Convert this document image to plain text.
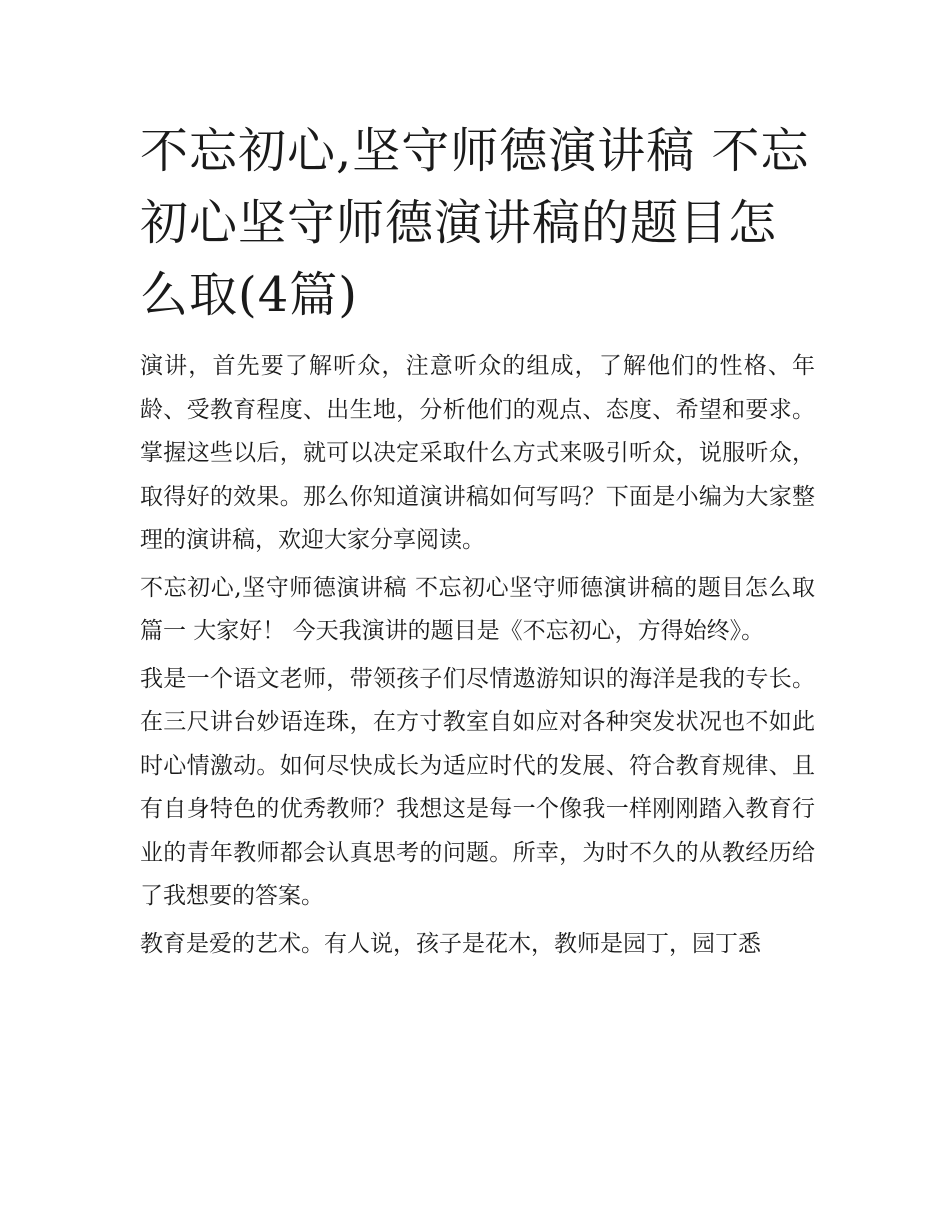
不忘初心,坚守师德演讲稿 不忘初心坚守师德演讲稿的题目怎么取(4篇)

演讲，首先要了解听众，注意听众的组成，了解他们的性格、年龄、受教育程度、出生地，分析他们的观点、态度、希望和要求。掌握这些以后，就可以决定采取什么方式来吸引听众，说服听众，取得好的效果。那么你知道演讲稿如何写吗？下面是小编为大家整理的演讲稿，欢迎大家分享阅读。

不忘初心,坚守师德演讲稿 不忘初心坚守师德演讲稿的题目怎么取篇一 大家好！ 今天我演讲的题目是《不忘初心，方得始终》。

我是一个语文老师，带领孩子们尽情遨游知识的海洋是我的专长。在三尺讲台妙语连珠，在方寸教室自如应对各种突发状况也不如此时心情激动。如何尽快成长为适应时代的发展、符合教育规律、且有自身特色的优秀教师？我想这是每一个像我一样刚刚踏入教育行业的青年教师都会认真思考的问题。所幸，为时不久的从教经历给了我想要的答案。

教育是爱的艺术。有人说，孩子是花木，教师是园丁，园丁悉
